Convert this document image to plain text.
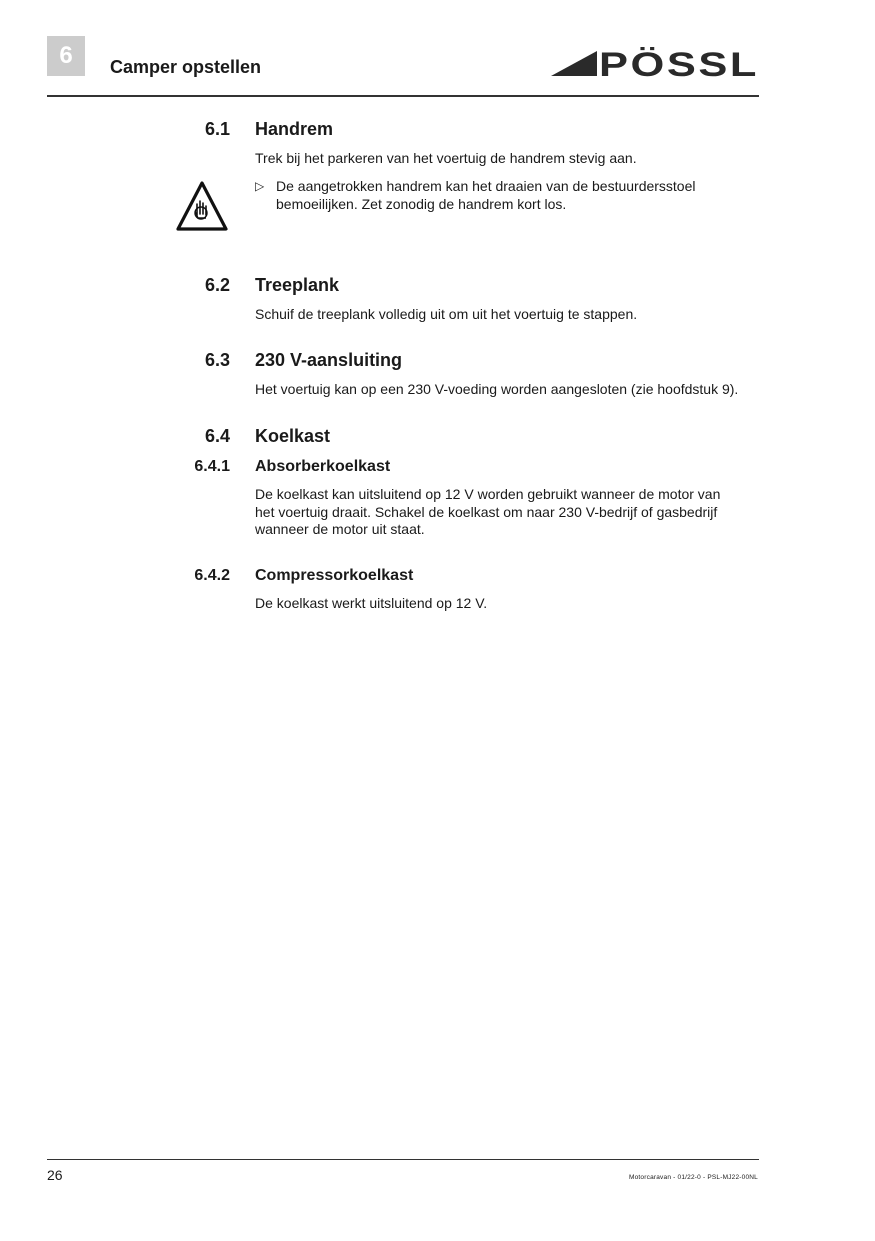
6 Camper opstellen	PÖSSL
6.1 Handrem
Trek bij het parkeren van het voertuig de handrem stevig aan.
▷ De aangetrokken handrem kan het draaien van de bestuurdersstoel
bemoeilijken. Zet zonodig de handrem kort los.
6.2 Treeplank
Schuif de treeplank volledig uit om uit het voertuig te stappen.
6.3 230 V-aansluiting
Het voertuig kan op een 230 V-voeding worden aangesloten (zie hoofdstuk 9).
6.4 Koelkast
6.4.1 Absorberkoelkast
De koelkast kan uitsluitend op 12 V worden gebruikt wanneer de motor van
het voertuig draait. Schakel de koelkast om naar 230 V-bedrijf of gasbedrijf
wanneer de motor uit staat.
6.4.2 Compressorkoelkast
De koelkast werkt uitsluitend op 12 V.
26	Motorcaravan - 01/22-0 - PSL-MJ22-00NL
